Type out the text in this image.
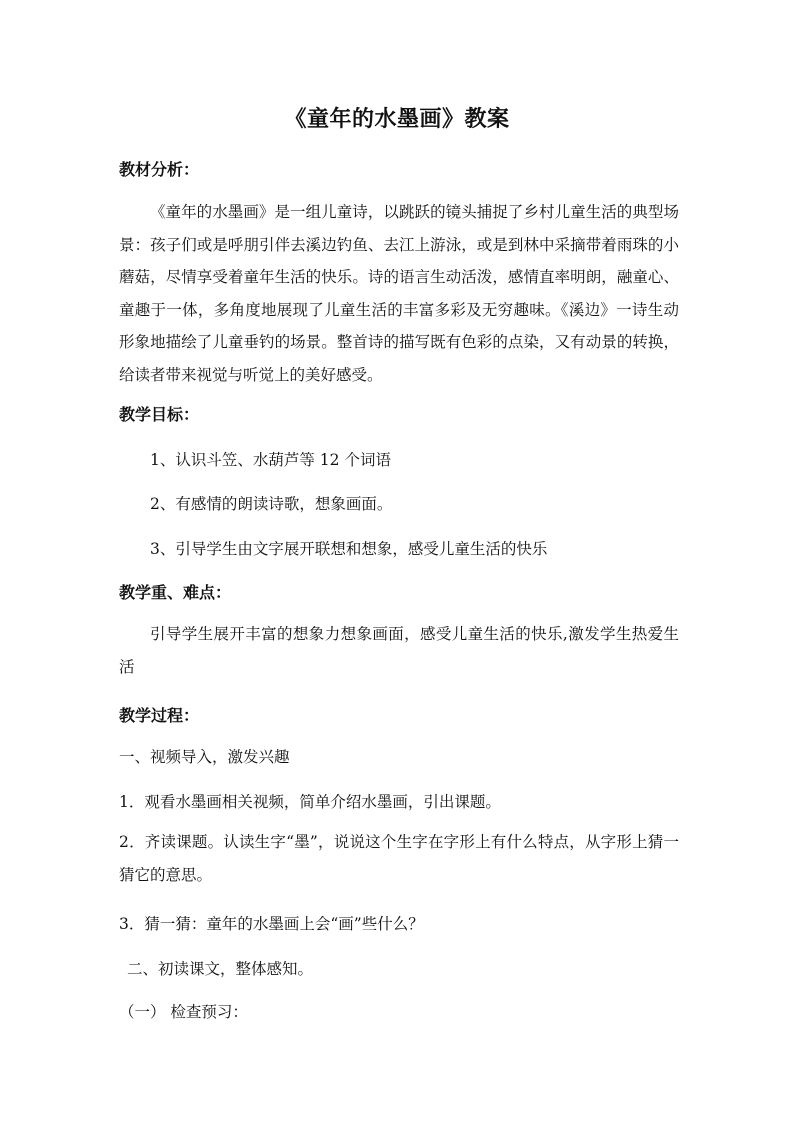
《童年的水墨画》教案
教材分析：

《童年的水墨画》是一组儿童诗，以跳跃的镜头捕捉了乡村儿童生活的典型场景：孩子们或是呼朋引伴去溪边钓鱼、去江上游泳，或是到林中采摘带着雨珠的小蘑菇，尽情享受着童年生活的快乐。诗的语言生动活泼，感情直率明朗，融童心、童趣于一体，多角度地展现了儿童生活的丰富多彩及无穷趣味。《溪边》一诗生动形象地描绘了儿童垂钓的场景。整首诗的描写既有色彩的点染，又有动景的转换，给读者带来视觉与听觉上的美好感受。

教学目标：
1、认识斗笠、水葫芦等 12 个词语
2、有感情的朗读诗歌，想象画面。
3、引导学生由文字展开联想和想象，感受儿童生活的快乐
教学重、难点：

引导学生展开丰富的想象力想象画面，感受儿童生活的快乐,激发学生热爱生活

教学过程：
一、视频导入，激发兴趣
1．观看水墨画相关视频，简单介绍水墨画，引出课题。

2．齐读课题。认读生字“墨”，说说这个生字在字形上有什么特点，从字形上猜一猜它的意思。

3．猜一猜：童年的水墨画上会“画”些什么？
二、初读课文，整体感知。
（一） 检查预习：
